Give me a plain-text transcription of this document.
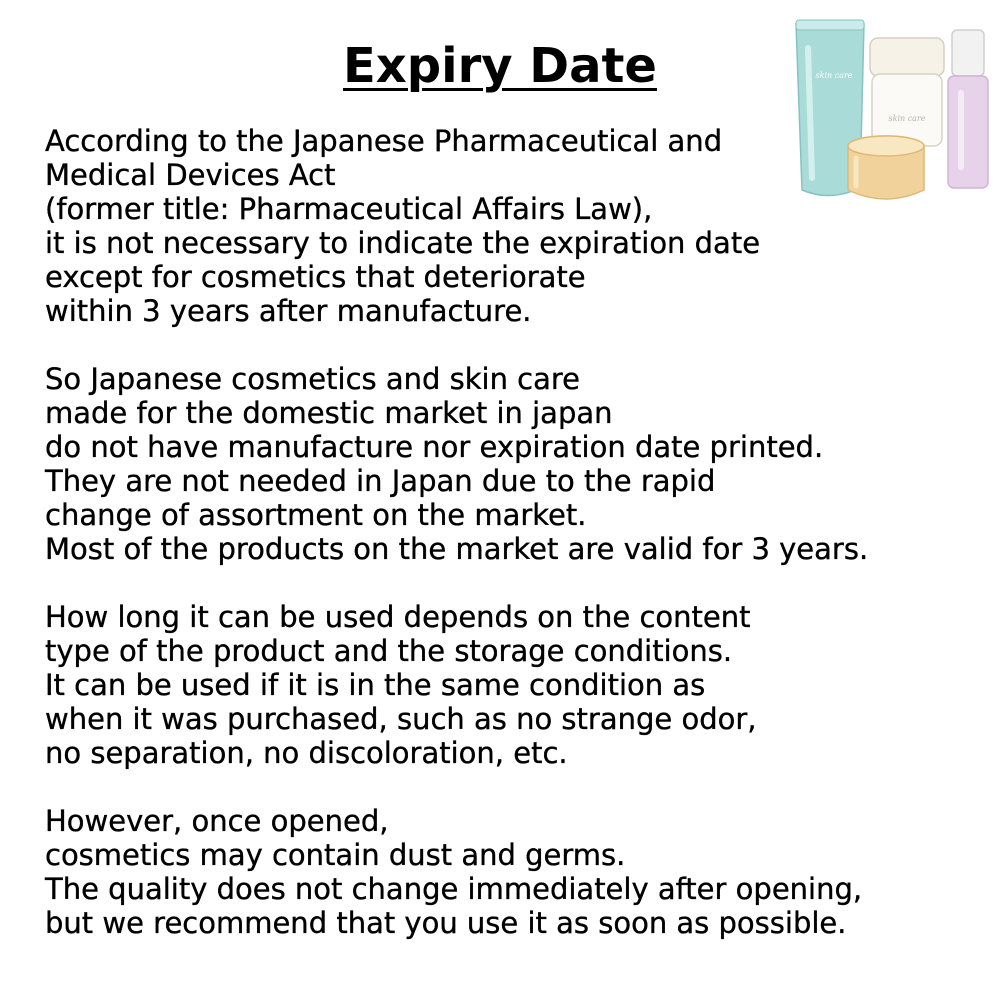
Expiry Date
skin care
skin care
According to the Japanese Pharmaceutical and
Medical Devices Act
(former title: Pharmaceutical Affairs Law),
it is not necessary to indicate the expiration date
except for cosmetics that deteriorate
within 3 years after manufacture.
So Japanese cosmetics and skin care
made for the domestic market in japan
do not have manufacture nor expiration date printed.
They are not needed in Japan due to the rapid
change of assortment on the market.
Most of the products on the market are valid for 3 years.
How long it can be used depends on the content
type of the product and the storage conditions.
It can be used if it is in the same condition as
when it was purchased, such as no strange odor,
no separation, no discoloration, etc.
However, once opened,
cosmetics may contain dust and germs.
The quality does not change immediately after opening,
but we recommend that you use it as soon as possible.
